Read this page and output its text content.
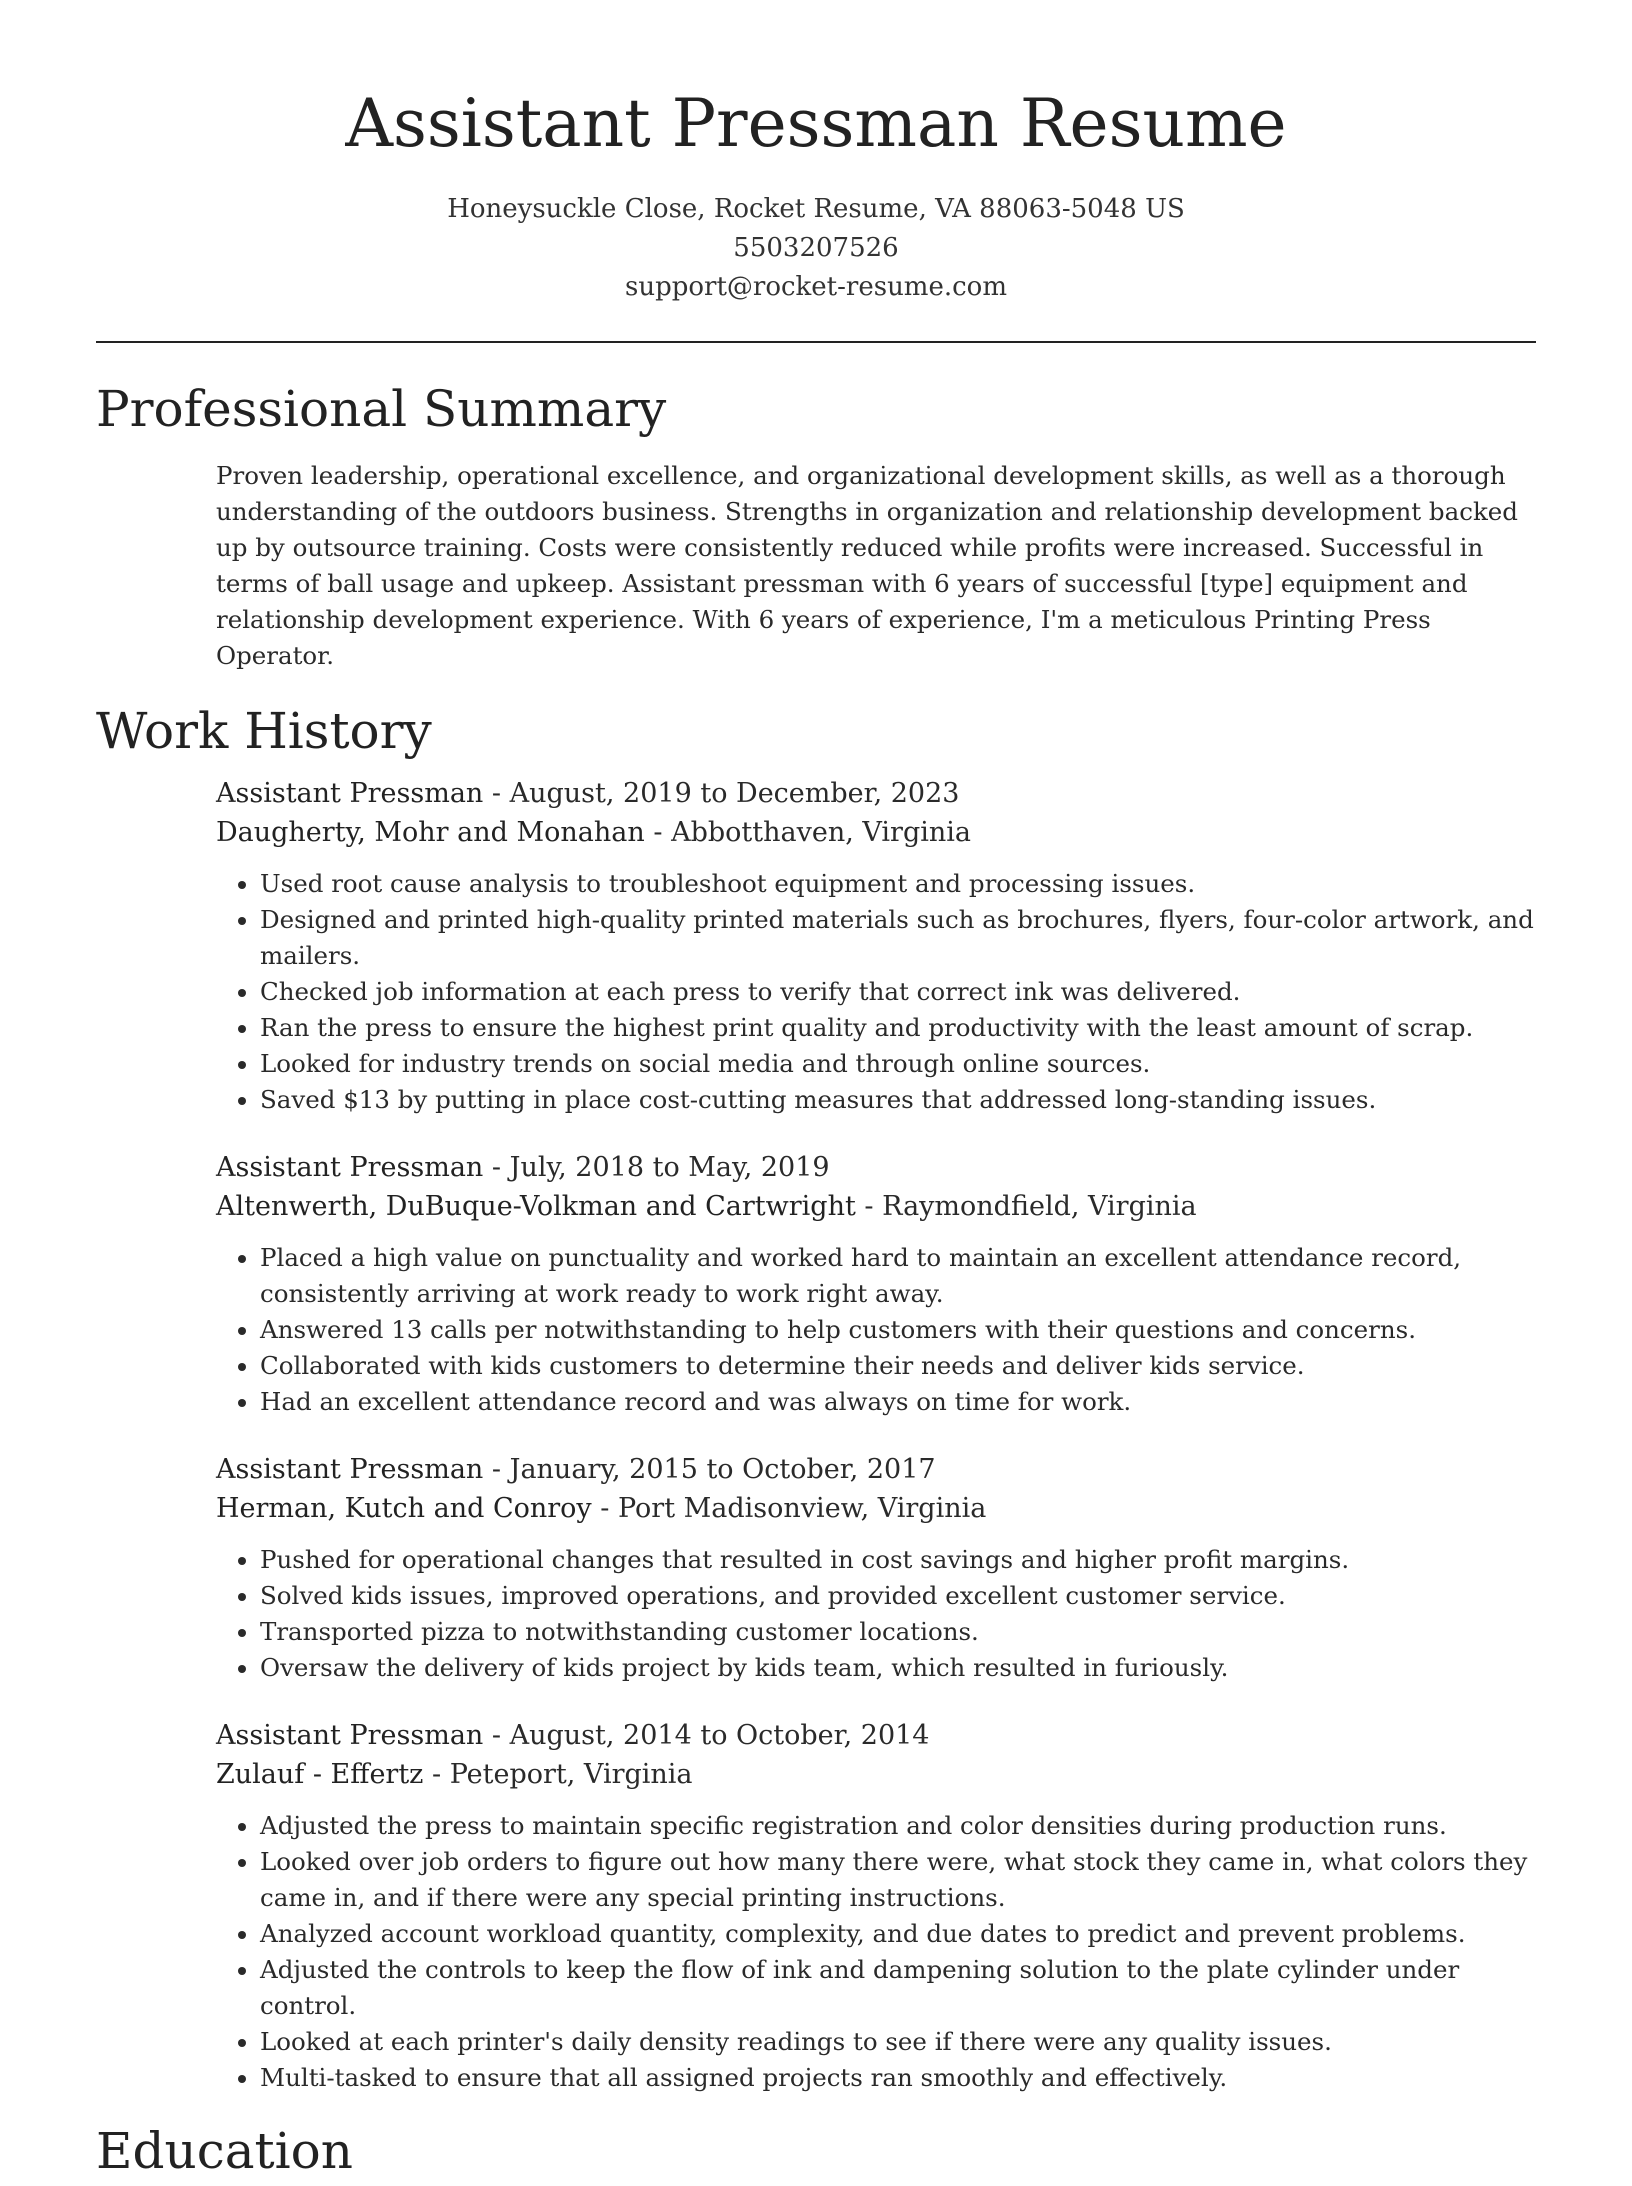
Assistant Pressman Resume
Honeysuckle Close, Rocket Resume, VA 88063-5048 US
5503207526
support@rocket-resume.com
Professional Summary

Proven leadership, operational excellence, and organizational development skills, as well as a thorough understanding of the outdoors business. Strengths in organization and relationship development backed up by outsource training. Costs were consistently reduced while profits were increased. Successful in terms of ball usage and upkeep. Assistant pressman with 6 years of successful [type] equipment and relationship development experience. With 6 years of experience, I'm a meticulous Printing Press Operator.

Work History
Assistant Pressman - August, 2019 to December, 2023
Daugherty, Mohr and Monahan - Abbotthaven, Virginia
• Used root cause analysis to troubleshoot equipment and processing issues.
• Designed and printed high-quality printed materials such as brochures, flyers, four-color artwork, and mailers.
• Checked job information at each press to verify that correct ink was delivered.
• Ran the press to ensure the highest print quality and productivity with the least amount of scrap.
• Looked for industry trends on social media and through online sources.
• Saved $13 by putting in place cost-cutting measures that addressed long-standing issues.
Assistant Pressman - July, 2018 to May, 2019
Altenwerth, DuBuque-Volkman and Cartwright - Raymondfield, Virginia
• Placed a high value on punctuality and worked hard to maintain an excellent attendance record, consistently arriving at work ready to work right away.
• Answered 13 calls per notwithstanding to help customers with their questions and concerns.
• Collaborated with kids customers to determine their needs and deliver kids service.
• Had an excellent attendance record and was always on time for work.
Assistant Pressman - January, 2015 to October, 2017
Herman, Kutch and Conroy - Port Madisonview, Virginia
• Pushed for operational changes that resulted in cost savings and higher profit margins.
• Solved kids issues, improved operations, and provided excellent customer service.
• Transported pizza to notwithstanding customer locations.
• Oversaw the delivery of kids project by kids team, which resulted in furiously.
Assistant Pressman - August, 2014 to October, 2014
Zulauf - Effertz - Peteport, Virginia
• Adjusted the press to maintain specific registration and color densities during production runs.
• Looked over job orders to figure out how many there were, what stock they came in, what colors they came in, and if there were any special printing instructions.
• Analyzed account workload quantity, complexity, and due dates to predict and prevent problems.
• Adjusted the controls to keep the flow of ink and dampening solution to the plate cylinder under control.
• Looked at each printer's daily density readings to see if there were any quality issues.
• Multi-tasked to ensure that all assigned projects ran smoothly and effectively.
Education
